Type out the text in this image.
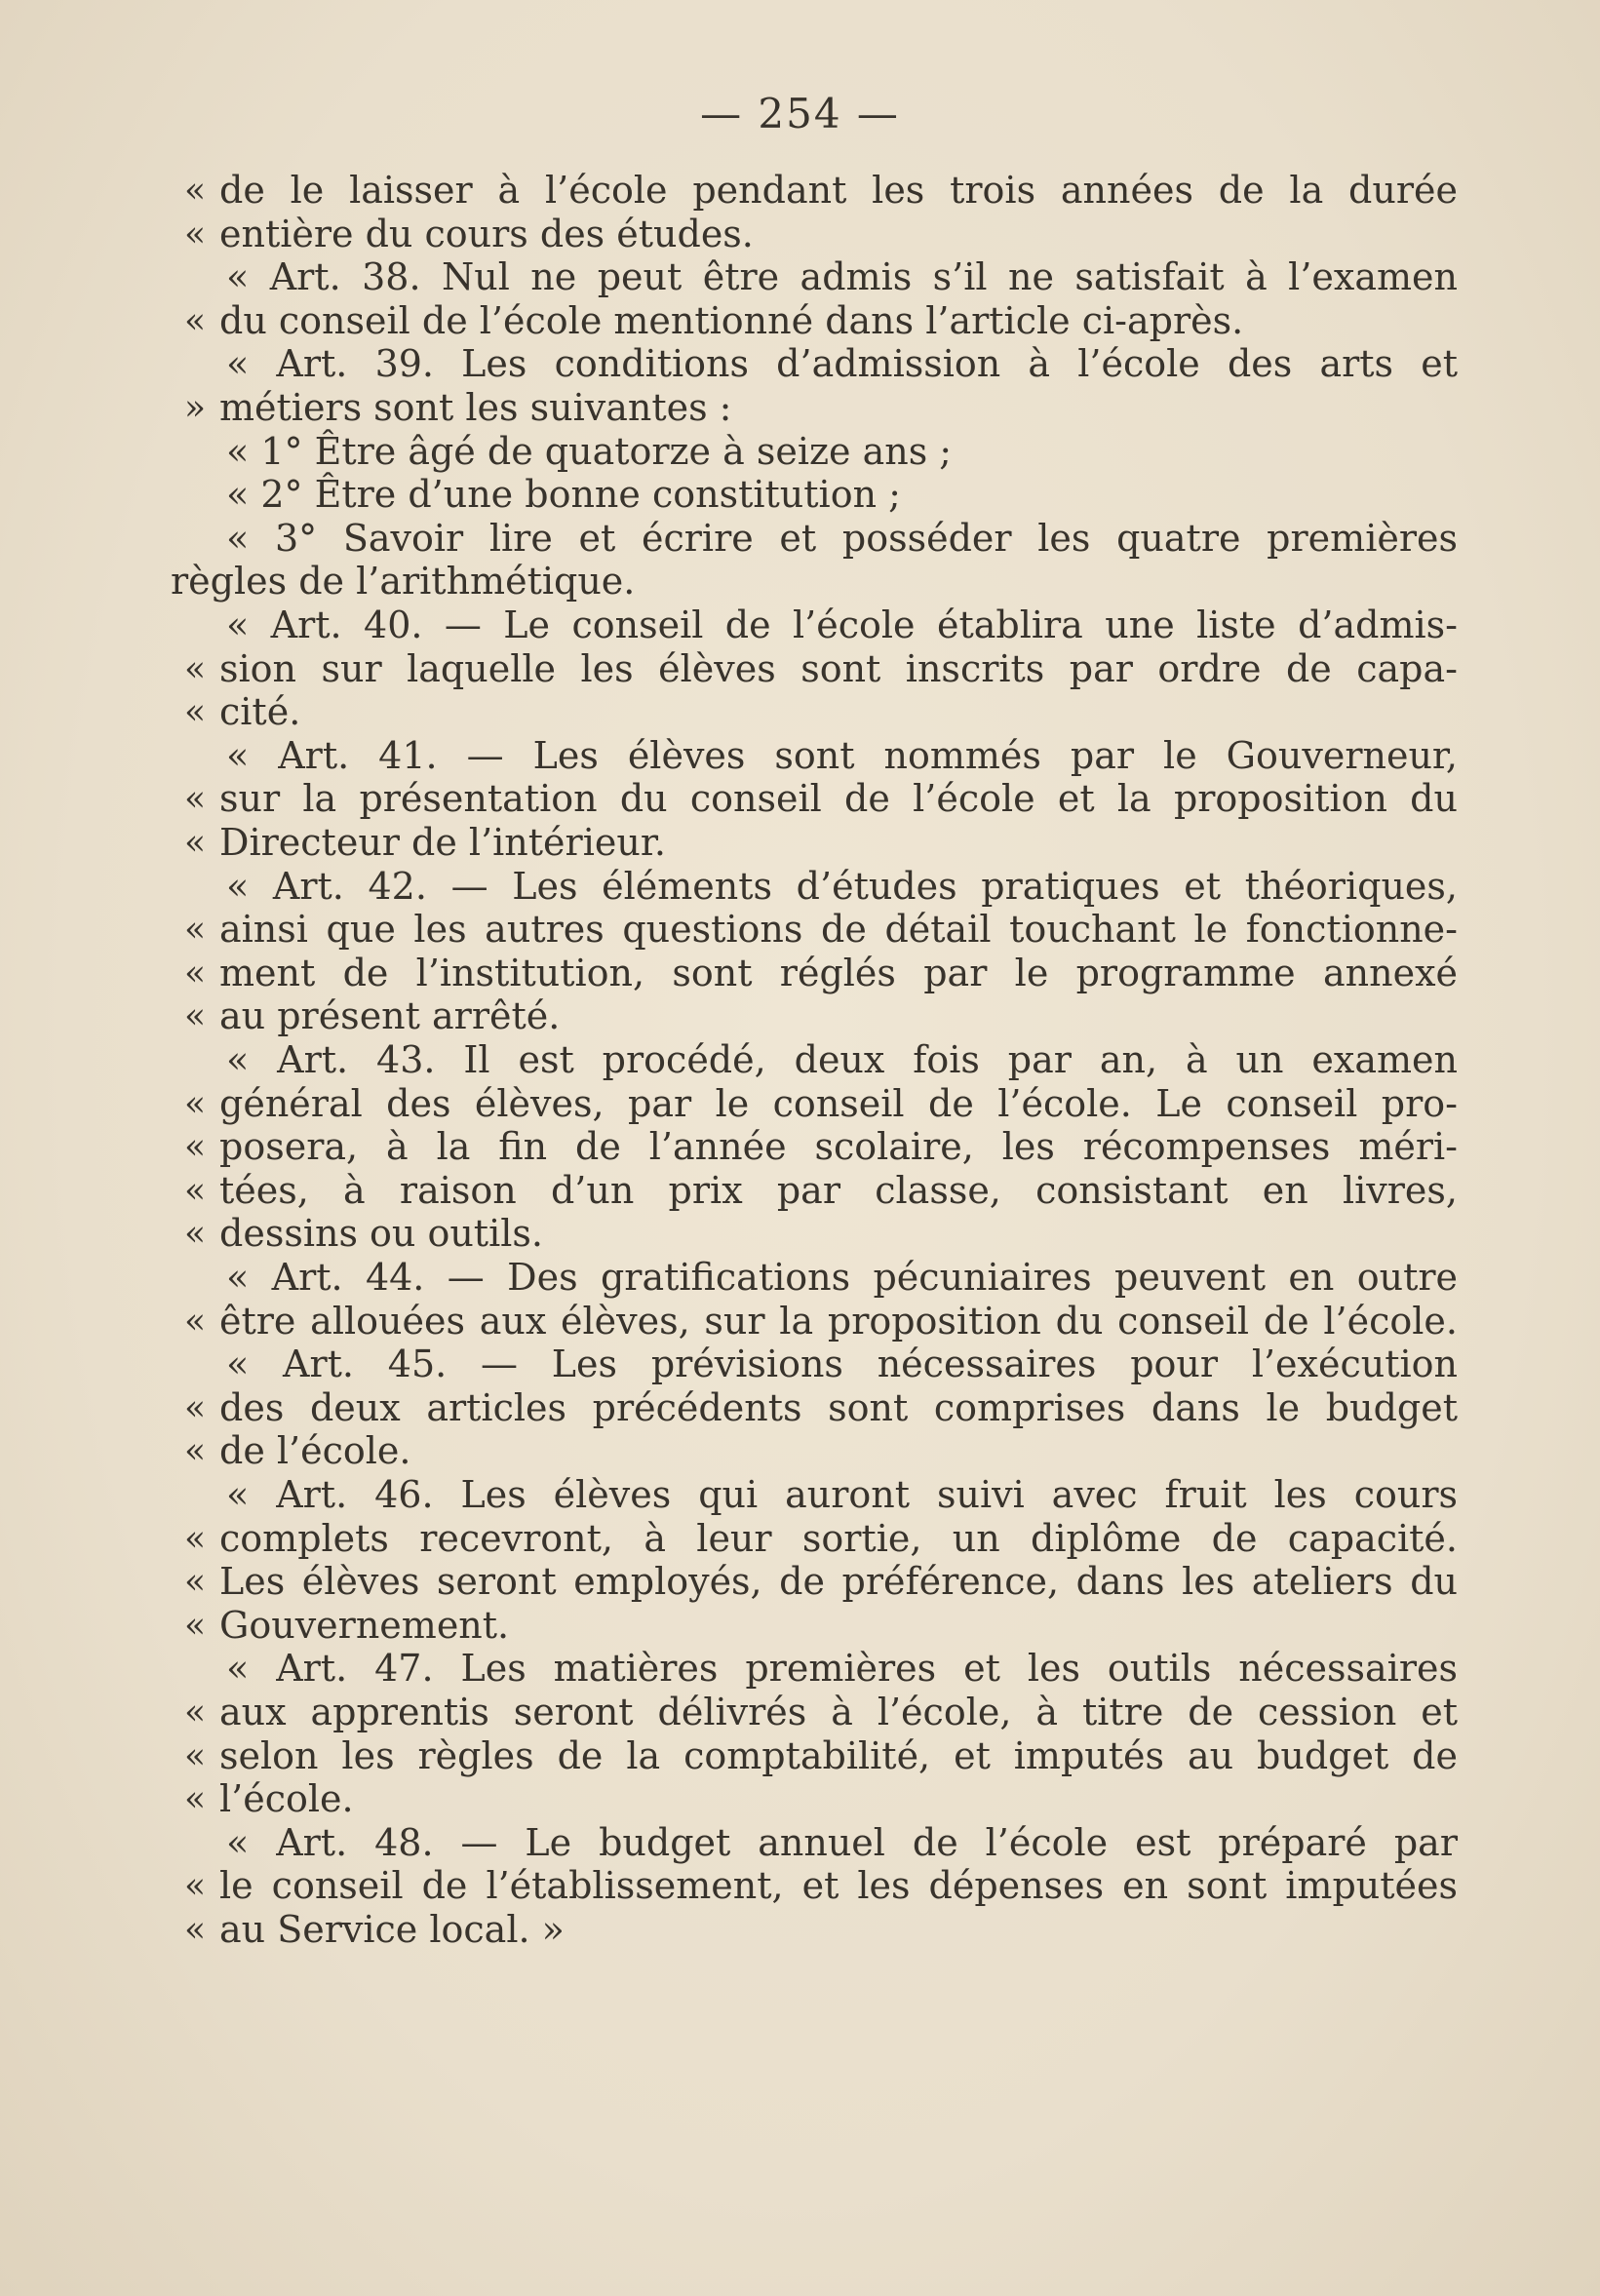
— 254 —
« de le laisser à l’école pendant les trois années de la durée
« entière du cours des études.
« Art. 38. Nul ne peut être admis s’il ne satisfait à l’examen
« du conseil de l’école mentionné dans l’article ci-après.
« Art. 39. Les conditions d’admission à l’école des arts et
» métiers sont les suivantes :
« 1° Être âgé de quatorze à seize ans ;
« 2° Être d’une bonne constitution ;
« 3° Savoir lire et écrire et posséder les quatre premières
règles de l’arithmétique.
« Art. 40. — Le conseil de l’école établira une liste d’admis-
« sion sur laquelle les élèves sont inscrits par ordre de capa-
« cité.
« Art. 41. — Les élèves sont nommés par le Gouverneur,
« sur la présentation du conseil de l’école et la proposition du
« Directeur de l’intérieur.
« Art. 42. — Les éléments d’études pratiques et théoriques,
« ainsi que les autres questions de détail touchant le fonctionne-
« ment de l’institution, sont réglés par le programme annexé
« au présent arrêté.
« Art. 43. Il est procédé, deux fois par an, à un examen
« général des élèves, par le conseil de l’école. Le conseil pro-
« posera, à la fin de l’année scolaire, les récompenses méri-
« tées, à raison d’un prix par classe, consistant en livres,
« dessins ou outils.
« Art. 44. — Des gratifications pécuniaires peuvent en outre
« être allouées aux élèves, sur la proposition du conseil de l’école.
« Art. 45. — Les prévisions nécessaires pour l’exécution
« des deux articles précédents sont comprises dans le budget
« de l’école.
« Art. 46. Les élèves qui auront suivi avec fruit les cours
« complets recevront, à leur sortie, un diplôme de capacité.
« Les élèves seront employés, de préférence, dans les ateliers du
« Gouvernement.
« Art. 47. Les matières premières et les outils nécessaires
« aux apprentis seront délivrés à l’école, à titre de cession et
« selon les règles de la comptabilité, et imputés au budget de
« l’école.
« Art. 48. — Le budget annuel de l’école est préparé par
« le conseil de l’établissement, et les dépenses en sont imputées
« au Service local. »
